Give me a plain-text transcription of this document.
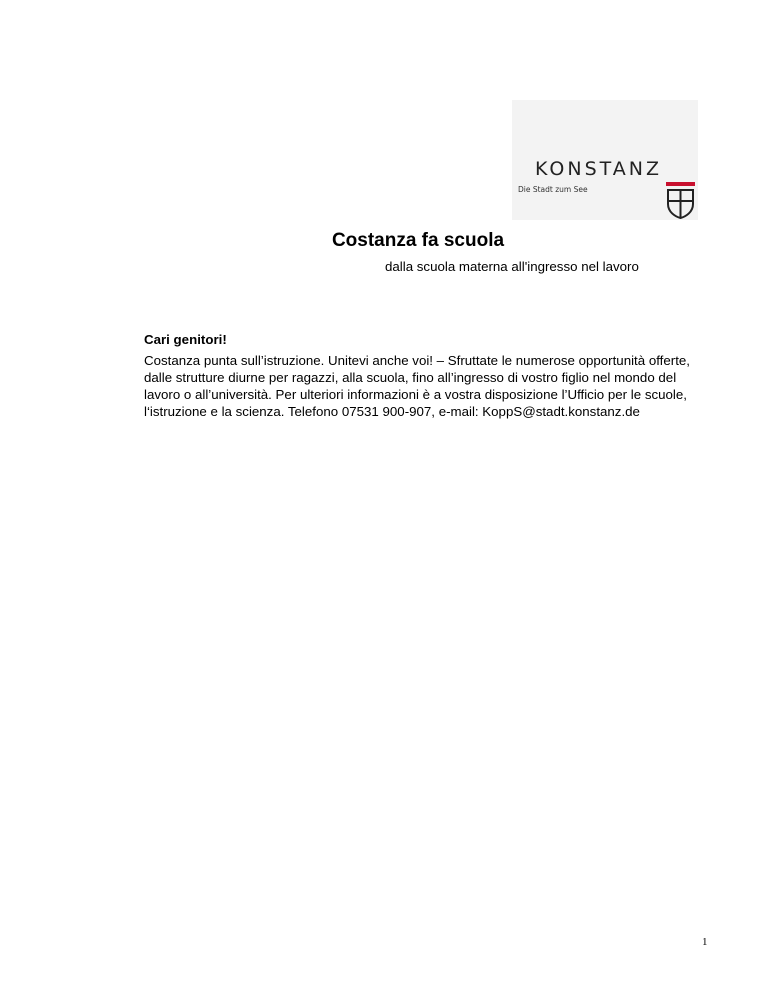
KONSTANZ
Die Stadt zum See
Costanza fa scuola
dalla scuola materna all'ingresso nel lavoro
Cari genitori!
Costanza punta sull’istruzione. Unitevi anche voi! – Sfruttate le numerose opportunità offerte,
dalle strutture diurne per ragazzi, alla scuola, fino all’ingresso di vostro figlio nel mondo del
lavoro o all’università. Per ulteriori informazioni è a vostra disposizione l’Ufficio per le scuole,
l‘istruzione e la scienza. Telefono 07531 900-907, e-mail: KoppS@stadt.konstanz.de
1
